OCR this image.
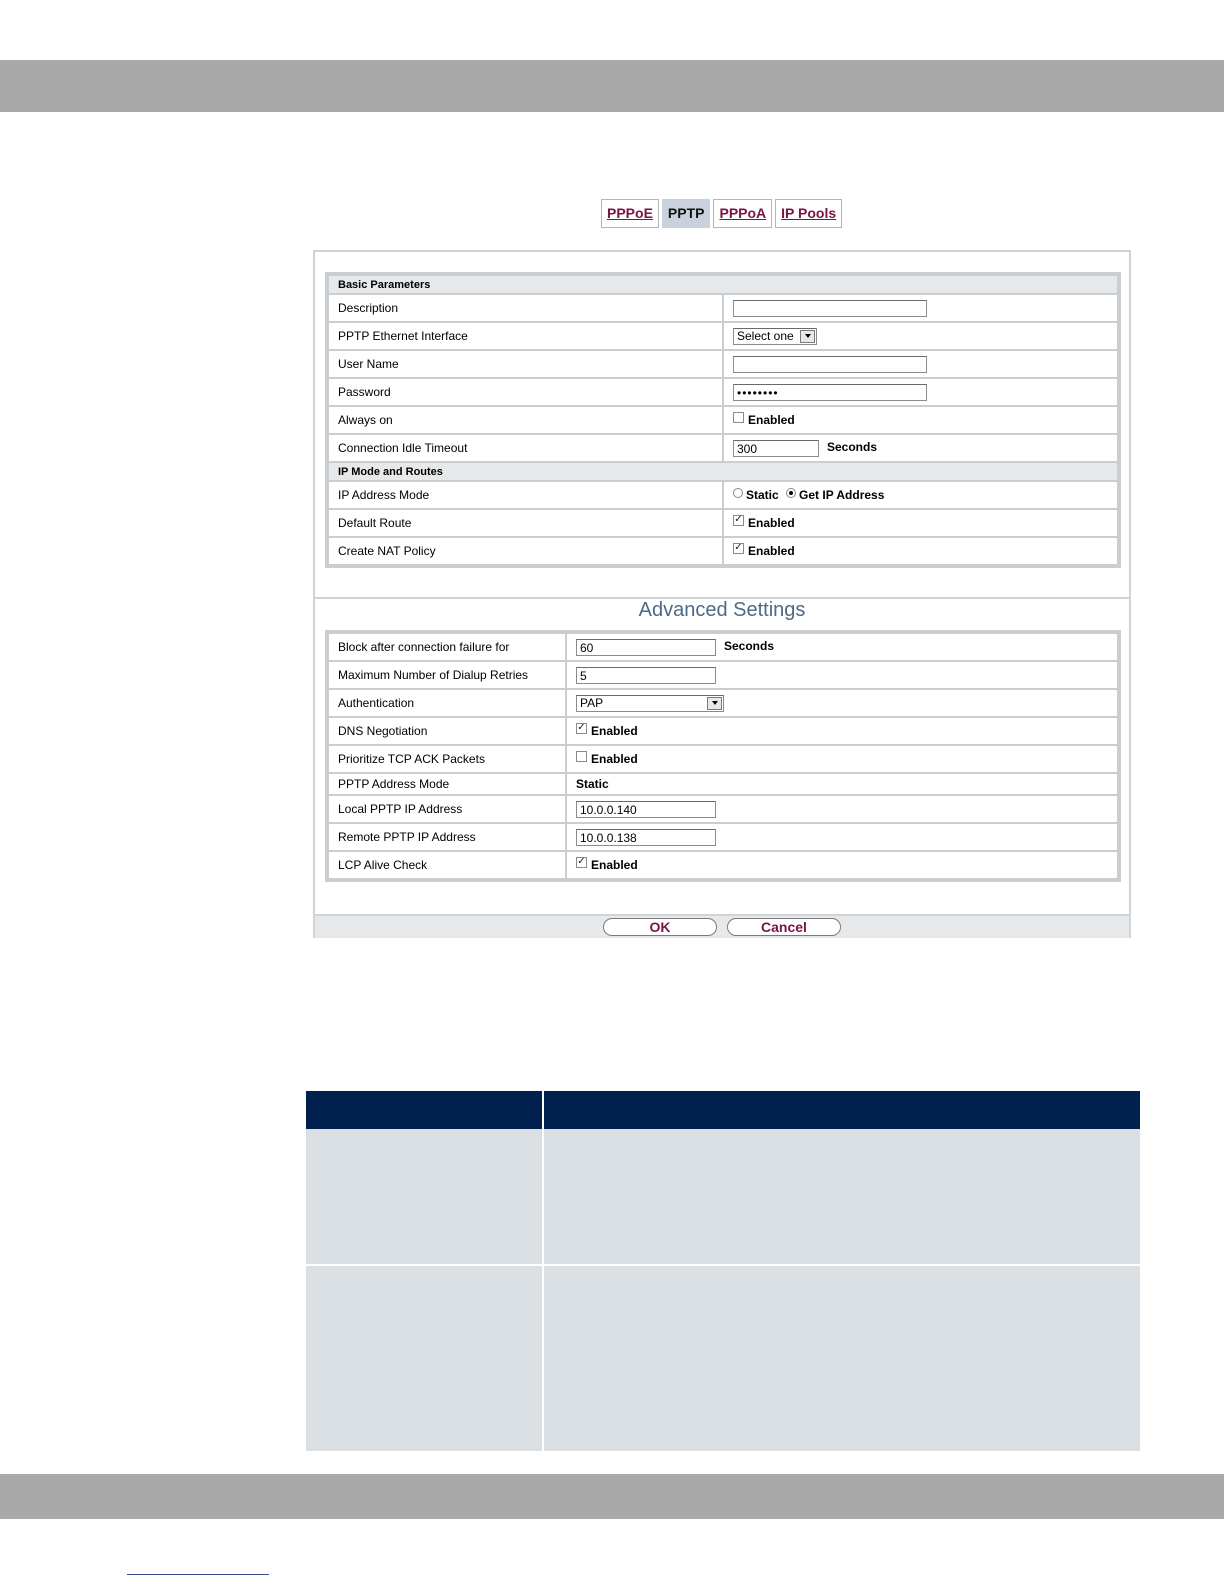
PPPoE	PPTP	PPPoA	IP Pools
Basic Parameters	
Description	
PPTP Ethernet Interface	Select one

User Name	
Password	••••••••
Always on	Enabled
Connection Idle Timeout	300 Seconds
IP Mode and Routes	
IP Address Mode	Static Get IP Address
Default Route	✓ Enabled
Create NAT Policy	✓ Enabled
Advanced Settings
Block after connection failure for	60 Seconds
Maximum Number of Dialup Retries	5
Authentication	PAP

DNS Negotiation	✓ Enabled
Prioritize TCP ACK Packets	Enabled
PPTP Address Mode	Static
Local PPTP IP Address	10.0.0.140
Remote PPTP IP Address	10.0.0.138
LCP Alive Check	✓ Enabled
OK	Cancel
